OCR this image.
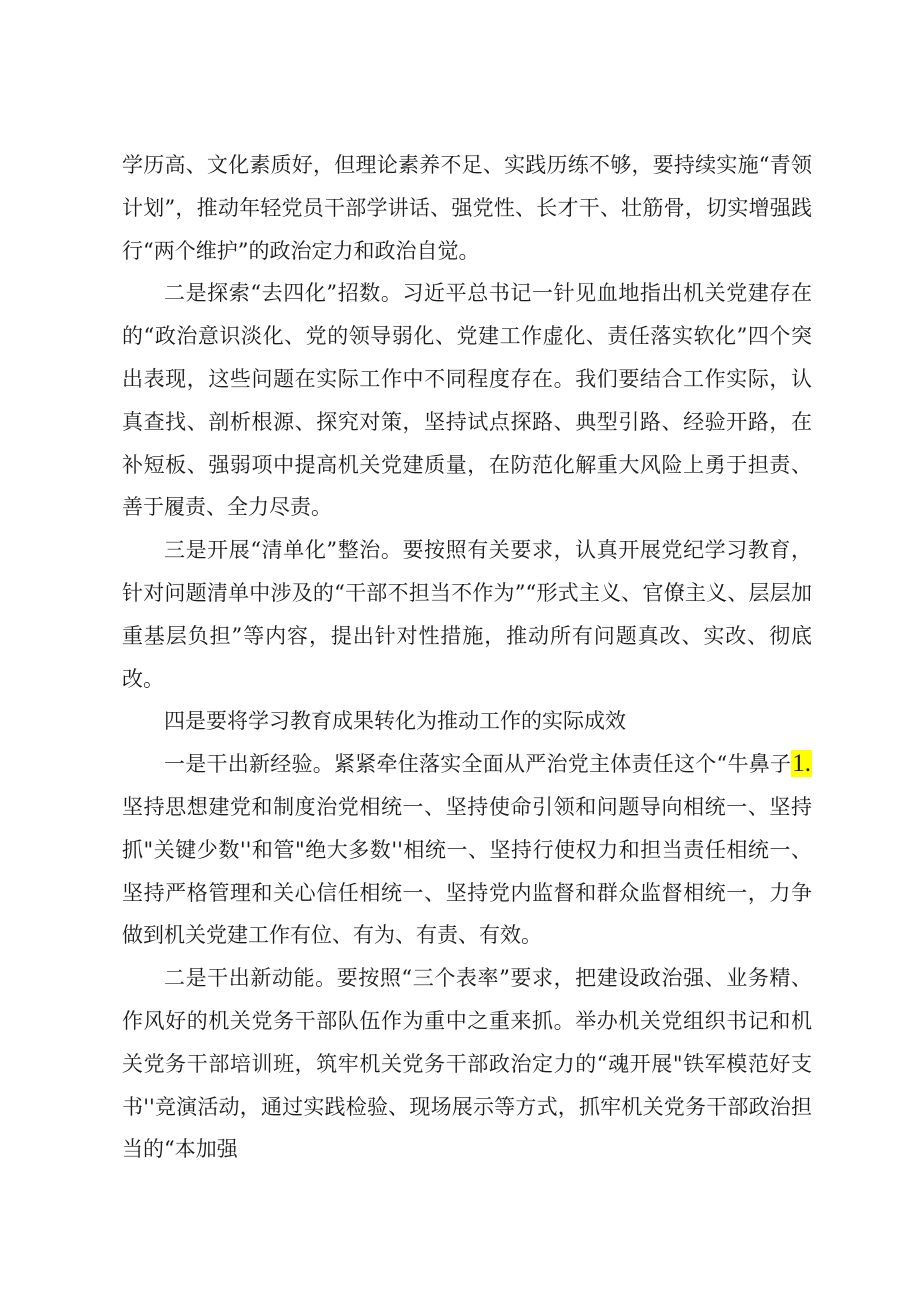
学历高、文化素质好，但理论素养不足、实践历练不够，要持续实施“青领计划”，推动年轻党员干部学讲话、强党性、长才干、壮筋骨，切实增强践行“两个维护”的政治定力和政治自觉。

二是探索“去四化”招数。习近平总书记一针见血地指出机关党建存在的“政治意识淡化、党的领导弱化、党建工作虚化、责任落实软化”四个突出表现，这些问题在实际工作中不同程度存在。我们要结合工作实际，认真查找、剖析根源、探究对策，坚持试点探路、典型引路、经验开路，在补短板、强弱项中提高机关党建质量，在防范化解重大风险上勇于担责、善于履责、全力尽责。

三是开展“清单化”整治。要按照有关要求，认真开展党纪学习教育，针对问题清单中涉及的“干部不担当不作为”“形式主义、官僚主义、层层加重基层负担”等内容，提出针对性措施，推动所有问题真改、实改、彻底改。

四是要将学习教育成果转化为推动工作的实际成效

一是干出新经验。紧紧牵住落实全面从严治党主体责任这个“牛鼻子1.坚持思想建党和制度治党相统一、坚持使命引领和问题导向相统一、坚持抓"关键少数''和管"绝大多数''相统一、坚持行使权力和担当责任相统一、坚持严格管理和关心信任相统一、坚持党内监督和群众监督相统一，力争做到机关党建工作有位、有为、有责、有效。

二是干出新动能。要按照“三个表率”要求，把建设政治强、业务精、作风好的机关党务干部队伍作为重中之重来抓。举办机关党组织书记和机关党务干部培训班，筑牢机关党务干部政治定力的“魂开展"铁军模范好支书''竞演活动，通过实践检验、现场展示等方式，抓牢机关党务干部政治担当的“本加强
